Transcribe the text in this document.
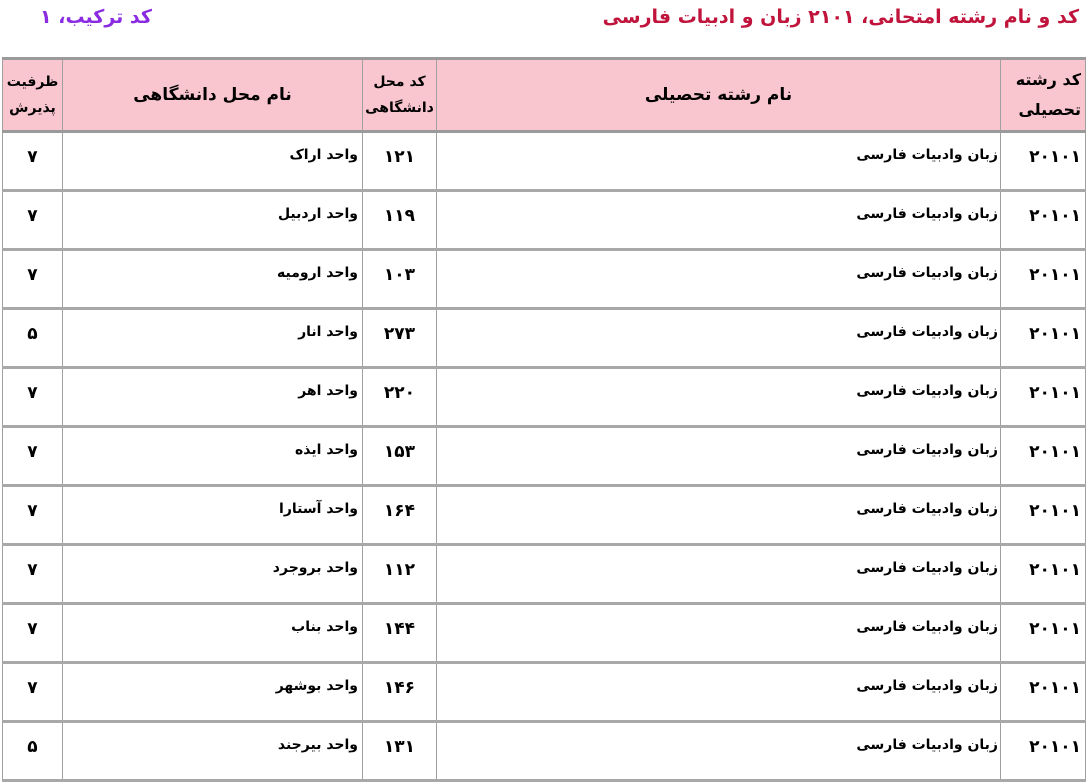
کد و نام رشته امتحانی، ۲۱۰۱ زبان و ادبیات فارسی
کد ترکیب، ۱
کد رشته تحصیلی	نام رشته تحصیلی	کد محل دانشگاهی	نام محل دانشگاهی	ظرفیت پذیرش

۲۰۱۰۱	زبان وادبیات فارسی	۱۲۱	واحد اراک	۷

۲۰۱۰۱	زبان وادبیات فارسی	۱۱۹	واحد اردبیل	۷

۲۰۱۰۱	زبان وادبیات فارسی	۱۰۳	واحد ارومیه	۷

۲۰۱۰۱	زبان وادبیات فارسی	۲۷۳	واحد انار	۵

۲۰۱۰۱	زبان وادبیات فارسی	۲۲۰	واحد اهر	۷

۲۰۱۰۱	زبان وادبیات فارسی	۱۵۳	واحد ایذه	۷

۲۰۱۰۱	زبان وادبیات فارسی	۱۶۴	واحد آستارا	۷

۲۰۱۰۱	زبان وادبیات فارسی	۱۱۲	واحد بروجرد	۷

۲۰۱۰۱	زبان وادبیات فارسی	۱۴۴	واحد بناب	۷

۲۰۱۰۱	زبان وادبیات فارسی	۱۴۶	واحد بوشهر	۷

۲۰۱۰۱	زبان وادبیات فارسی	۱۳۱	واحد بیرجند	۵
